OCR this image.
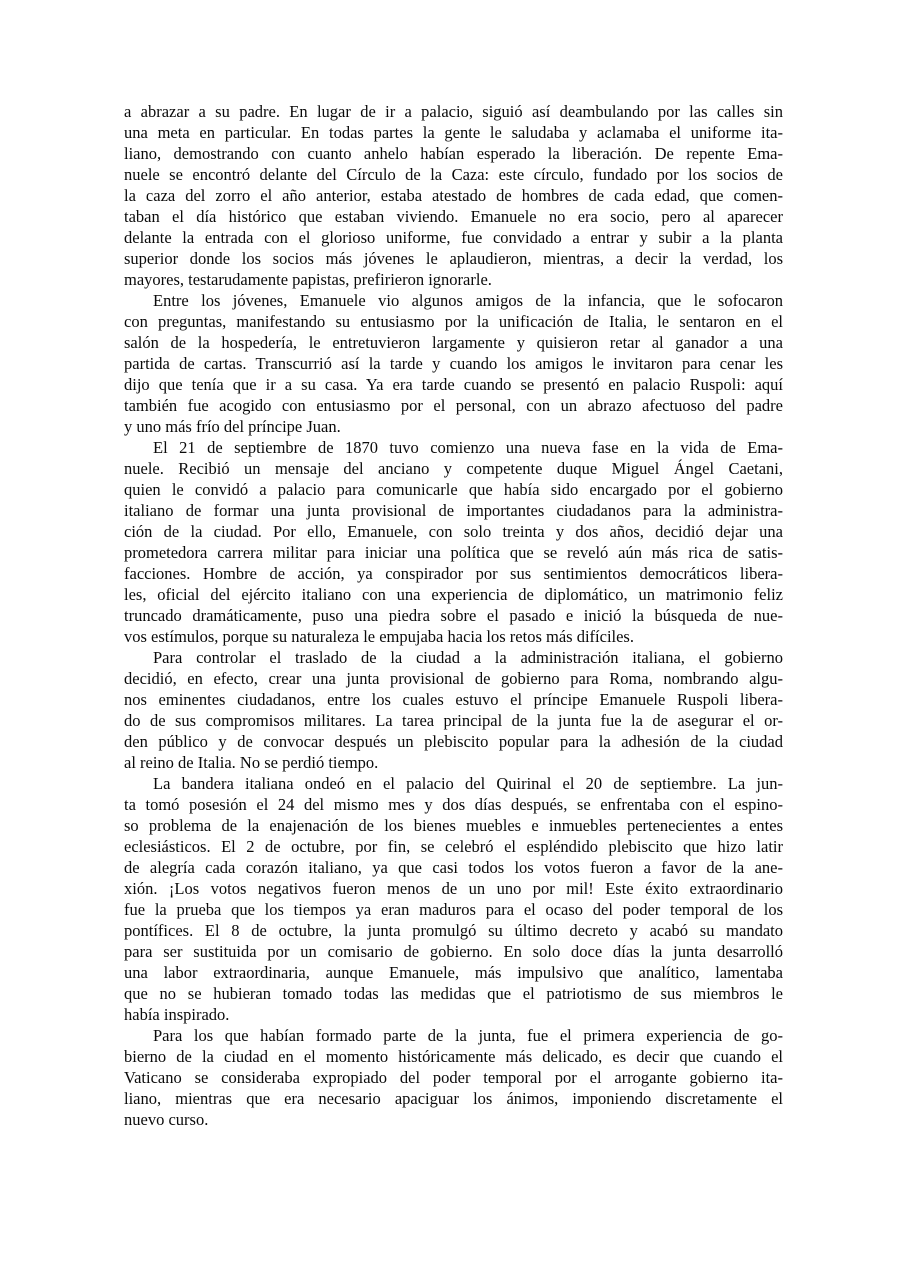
a abrazar a su padre. En lugar de ir a palacio, siguió así deambulando por las calles sin
una meta en particular. En todas partes la gente le saludaba y aclamaba el uniforme ita-
liano, demostrando con cuanto anhelo habían esperado la liberación. De repente Ema-
nuele se encontró delante del Círculo de la Caza: este círculo, fundado por los socios de
la caza del zorro el año anterior, estaba atestado de hombres de cada edad, que comen-
taban el día histórico que estaban viviendo. Emanuele no era socio, pero al aparecer
delante la entrada con el glorioso uniforme, fue convidado a entrar y subir a la planta
superior donde los socios más jóvenes le aplaudieron, mientras, a decir la verdad, los
mayores, testarudamente papistas, prefirieron ignorarle.
Entre los jóvenes, Emanuele vio algunos amigos de la infancia, que le sofocaron
con preguntas, manifestando su entusiasmo por la unificación de Italia, le sentaron en el
salón de la hospedería, le entretuvieron largamente y quisieron retar al ganador a una
partida de cartas. Transcurrió así la tarde y cuando los amigos le invitaron para cenar les
dijo que tenía que ir a su casa. Ya era tarde cuando se presentó en palacio Ruspoli: aquí
también fue acogido con entusiasmo por el personal, con un abrazo afectuoso del padre
y uno más frío del príncipe Juan.
El 21 de septiembre de 1870 tuvo comienzo una nueva fase en la vida de Ema-
nuele. Recibió un mensaje del anciano y competente duque Miguel Ángel Caetani,
quien le convidó a palacio para comunicarle que había sido encargado por el gobierno
italiano de formar una junta provisional de importantes ciudadanos para la administra-
ción de la ciudad. Por ello, Emanuele, con solo treinta y dos años, decidió dejar una
prometedora carrera militar para iniciar una política que se reveló aún más rica de satis-
facciones. Hombre de acción, ya conspirador por sus sentimientos democráticos libera-
les, oficial del ejército italiano con una experiencia de diplomático, un matrimonio feliz
truncado dramáticamente, puso una piedra sobre el pasado e inició la búsqueda de nue-
vos estímulos, porque su naturaleza le empujaba hacia los retos más difíciles.
Para controlar el traslado de la ciudad a la administración italiana, el gobierno
decidió, en efecto, crear una junta provisional de gobierno para Roma, nombrando algu-
nos eminentes ciudadanos, entre los cuales estuvo el príncipe Emanuele Ruspoli libera-
do de sus compromisos militares. La tarea principal de la junta fue la de asegurar el or-
den público y de convocar después un plebiscito popular para la adhesión de la ciudad
al reino de Italia. No se perdió tiempo.
La bandera italiana ondeó en el palacio del Quirinal el 20 de septiembre. La jun-
ta tomó posesión el 24 del mismo mes y dos días después, se enfrentaba con el espino-
so problema de la enajenación de los bienes muebles e inmuebles pertenecientes a entes
eclesiásticos. El 2 de octubre, por fin, se celebró el espléndido plebiscito que hizo latir
de alegría cada corazón italiano, ya que casi todos los votos fueron a favor de la ane-
xión. ¡Los votos negativos fueron menos de un uno por mil! Este éxito extraordinario
fue la prueba que los tiempos ya eran maduros para el ocaso del poder temporal de los
pontífices. El 8 de octubre, la junta promulgó su último decreto y acabó su mandato
para ser sustituida por un comisario de gobierno. En solo doce días la junta desarrolló
una labor extraordinaria, aunque Emanuele, más impulsivo que analítico, lamentaba
que no se hubieran tomado todas las medidas que el patriotismo de sus miembros le
había inspirado.
Para los que habían formado parte de la junta, fue el primera experiencia de go-
bierno de la ciudad en el momento históricamente más delicado, es decir que cuando el
Vaticano se consideraba expropiado del poder temporal por el arrogante gobierno ita-
liano, mientras que era necesario apaciguar los ánimos, imponiendo discretamente el
nuevo curso.
